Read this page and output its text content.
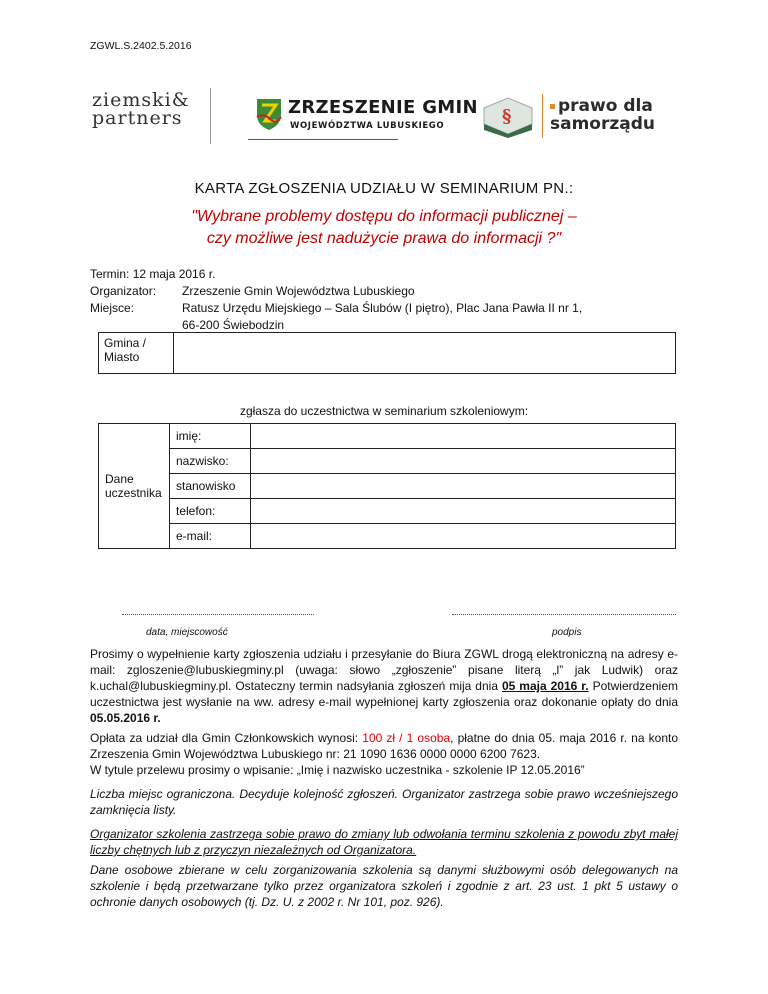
ZGWL.S.2402.5.2016
ziemski&
partners	ZRZESZENIE GMIN
WOJEWÓDZTWA LUBUSKIEGO	§	prawo dla
samorządu
KARTA ZGŁOSZENIA UDZIAŁU W SEMINARIUM PN.:
"Wybrane problemy dostępu do informacji publicznej –
czy możliwe jest nadużycie prawa do informacji ?"
Termin:
12 maja 2016 r.
Organizator:	Zrzeszenie Gmin Województwa Lubuskiego
Miejsce:	Ratusz Urzędu Miejskiego – Sala Ślubów (I piętro), Plac Jana Pawła II nr 1,
66-200 Świebodzin
Gmina /
Miasto	
zgłasza do uczestnictwa w seminarium szkoleniowym:
Dane
uczestnika	imię:	
	nazwisko:	
	stanowisko	
	telefon:	
	e-mail:	
data, miejscowość	podpis
Prosimy o wypełnienie karty zgłoszenia udziału i przesyłanie do Biura ZGWL drogą elektroniczną na adresy e-mail: zgloszenie@lubuskiegminy.pl (uwaga: słowo „zgłoszenie” pisane literą „l” jak Ludwik) oraz k.uchal@lubuskiegminy.pl. Ostateczny termin nadsyłania zgłoszeń mija dnia 05 maja 2016 r. Potwierdzeniem uczestnictwa jest wysłanie na ww. adresy e-mail wypełnionej karty zgłoszenia oraz dokonanie opłaty do dnia 05.05.2016 r.
Opłata za udział dla Gmin Członkowskich wynosi: 100 zł / 1 osoba, płatne do dnia 05. maja 2016 r. na konto Zrzeszenia Gmin Województwa Lubuskiego nr: 21 1090 1636 0000 0000 6200 7623.
W tytule przelewu prosimy o wpisanie: „Imię i nazwisko uczestnika - szkolenie IP 12.05.2016”
Liczba miejsc ograniczona. Decyduje kolejność zgłoszeń. Organizator zastrzega sobie prawo wcześniejszego zamknięcia listy.
Organizator szkolenia zastrzega sobie prawo do zmiany lub odwołania terminu szkolenia z powodu zbyt małej liczby chętnych lub z przyczyn niezależnych od Organizatora.
Dane osobowe zbierane w celu zorganizowania szkolenia są danymi służbowymi osób delegowanych na szkolenie i będą przetwarzane tylko przez organizatora szkoleń i zgodnie z art. 23 ust. 1 pkt 5 ustawy o ochronie danych osobowych (tj. Dz. U. z 2002 r. Nr 101, poz. 926).
